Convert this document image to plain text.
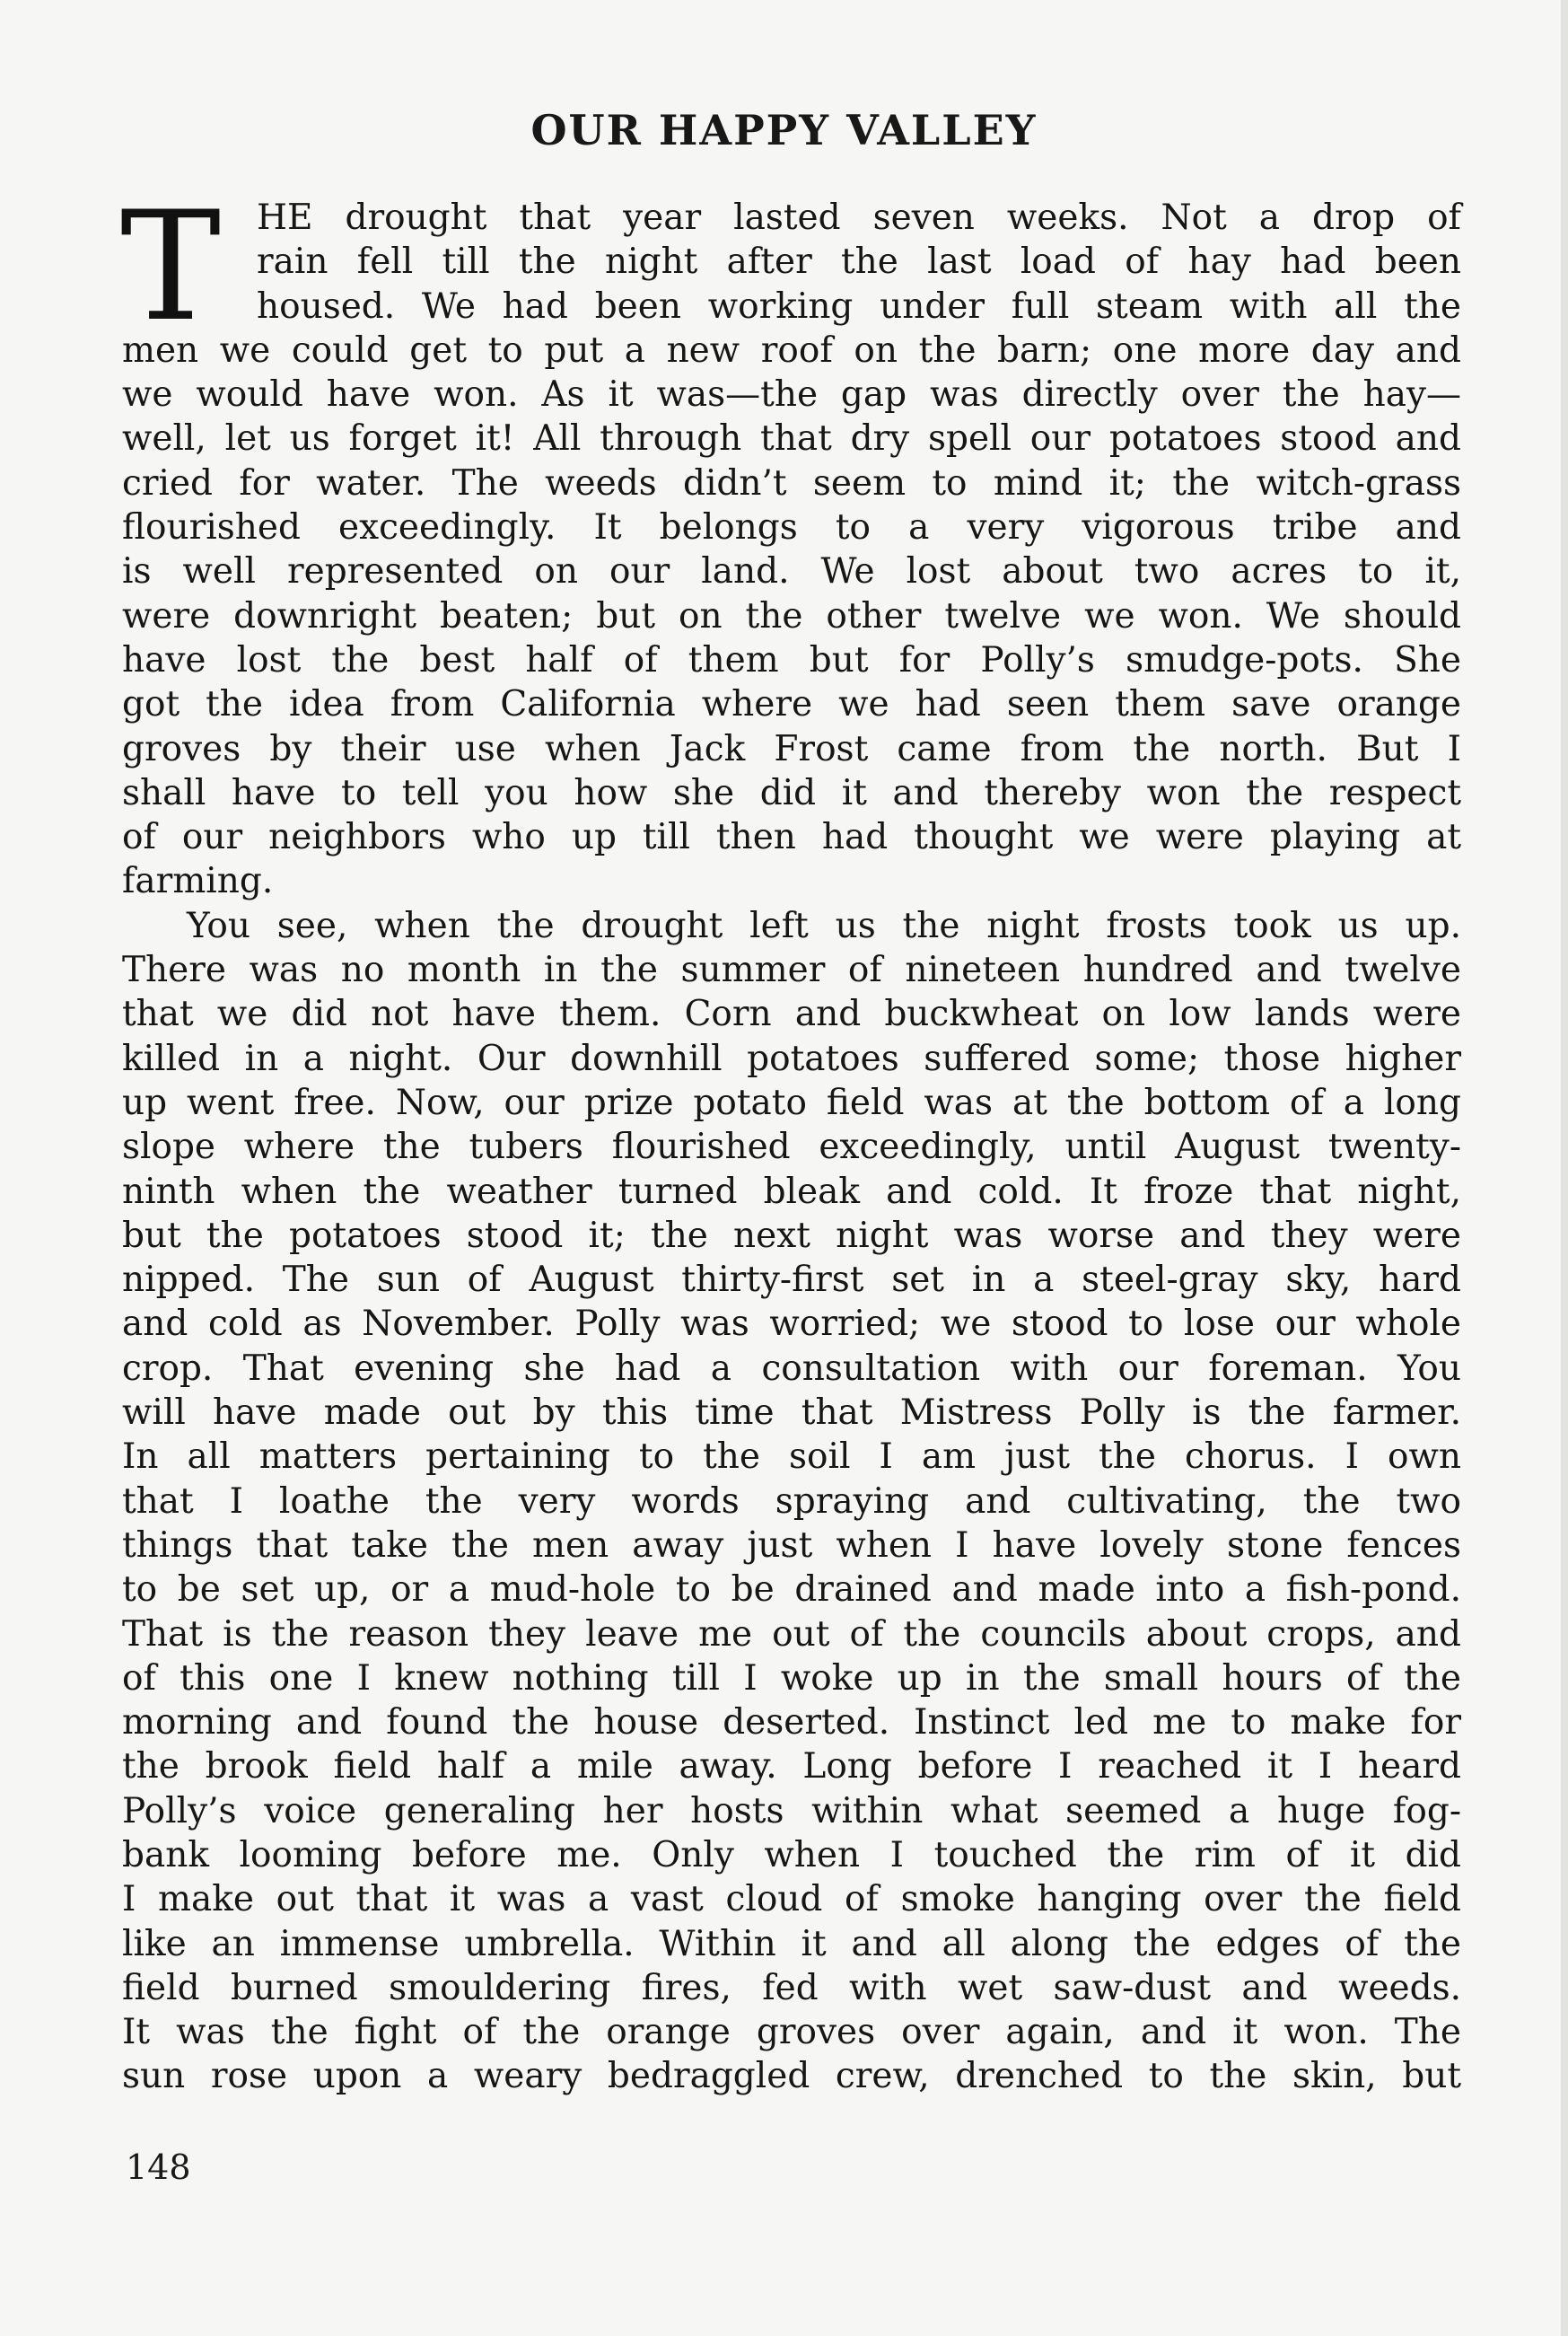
OUR HAPPY VALLEY
T HE drought that year lasted seven weeks. Not a drop of
rain fell till the night after the last load of hay had been
housed. We had been working under full steam with all the
men we could get to put a new roof on the barn; one more day and
we would have won. As it was—the gap was directly over the hay—
well, let us forget it! All through that dry spell our potatoes stood and
cried for water. The weeds didn’t seem to mind it; the witch-grass
flourished exceedingly. It belongs to a very vigorous tribe and
is well represented on our land. We lost about two acres to it,
were downright beaten; but on the other twelve we won. We should
have lost the best half of them but for Polly’s smudge-pots. She
got the idea from California where we had seen them save orange
groves by their use when Jack Frost came from the north. But I
shall have to tell you how she did it and thereby won the respect
of our neighbors who up till then had thought we were playing at
farming.
You see, when the drought left us the night frosts took us up.
There was no month in the summer of nineteen hundred and twelve
that we did not have them. Corn and buckwheat on low lands were
killed in a night. Our downhill potatoes suffered some; those higher
up went free. Now, our prize potato field was at the bottom of a long
slope where the tubers flourished exceedingly, until August twenty-
ninth when the weather turned bleak and cold. It froze that night,
but the potatoes stood it; the next night was worse and they were
nipped. The sun of August thirty-first set in a steel-gray sky, hard
and cold as November. Polly was worried; we stood to lose our whole
crop. That evening she had a consultation with our foreman. You
will have made out by this time that Mistress Polly is the farmer.
In all matters pertaining to the soil I am just the chorus. I own
that I loathe the very words spraying and cultivating, the two
things that take the men away just when I have lovely stone fences
to be set up, or a mud-hole to be drained and made into a fish-pond.
That is the reason they leave me out of the councils about crops, and
of this one I knew nothing till I woke up in the small hours of the
morning and found the house deserted. Instinct led me to make for
the brook field half a mile away. Long before I reached it I heard
Polly’s voice generaling her hosts within what seemed a huge fog-
bank looming before me. Only when I touched the rim of it did
I make out that it was a vast cloud of smoke hanging over the field
like an immense umbrella. Within it and all along the edges of the
field burned smouldering fires, fed with wet saw-dust and weeds.
It was the fight of the orange groves over again, and it won. The
sun rose upon a weary bedraggled crew, drenched to the skin, but
148
